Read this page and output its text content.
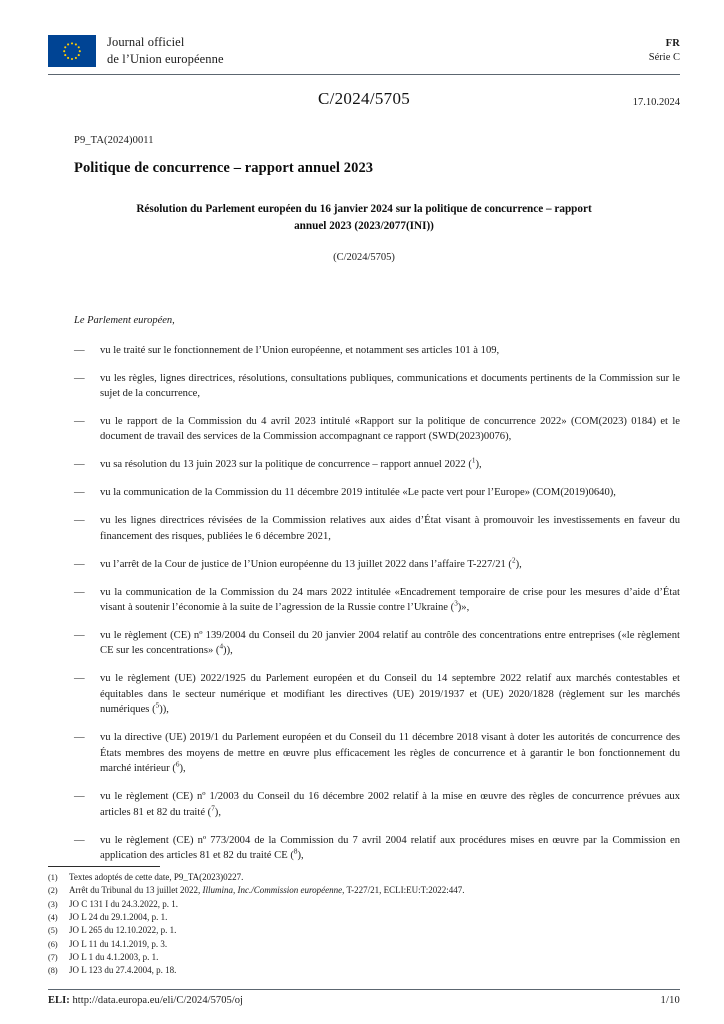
Journal officiel
de l’Union européenne
FR
Série C
C/2024/5705	17.10.2024
P9_TA(2024)0011
Politique de concurrence – rapport annuel 2023
Résolution du Parlement européen du 16 janvier 2024 sur la politique de concurrence – rapport
annuel 2023 (2023/2077(INI))
(C/2024/5705)
Le Parlement européen,
—	vu le traité sur le fonctionnement de l’Union européenne, et notamment ses articles 101 à 109,
—	vu les règles, lignes directrices, résolutions, consultations publiques, communications et documents pertinents de la Commission sur le sujet de la concurrence,
—	vu le rapport de la Commission du 4 avril 2023 intitulé «Rapport sur la politique de concurrence 2022» (COM(2023) 0184) et le document de travail des services de la Commission accompagnant ce rapport (SWD(2023)0076),
—	vu sa résolution du 13 juin 2023 sur la politique de concurrence – rapport annuel 2022 ($^1$),
—	vu la communication de la Commission du 11 décembre 2019 intitulée «Le pacte vert pour l’Europe» (COM(2019)0640),
—	vu les lignes directrices révisées de la Commission relatives aux aides d’État visant à promouvoir les investissements en faveur du financement des risques, publiées le 6 décembre 2021,
—	vu l’arrêt de la Cour de justice de l’Union européenne du 13 juillet 2022 dans l’affaire T-227/21 ($^2$),
—	vu la communication de la Commission du 24 mars 2022 intitulée «Encadrement temporaire de crise pour les mesures d’aide d’État visant à soutenir l’économie à la suite de l’agression de la Russie contre l’Ukraine ($^3$)»,
—	vu le règlement (CE) nº 139/2004 du Conseil du 20 janvier 2004 relatif au contrôle des concentrations entre entreprises («le règlement CE sur les concentrations» ($^4$)),
—	vu le règlement (UE) 2022/1925 du Parlement européen et du Conseil du 14 septembre 2022 relatif aux marchés contestables et équitables dans le secteur numérique et modifiant les directives (UE) 2019/1937 et (UE) 2020/1828 (règlement sur les marchés numériques ($^5$)),
—	vu la directive (UE) 2019/1 du Parlement européen et du Conseil du 11 décembre 2018 visant à doter les autorités de concurrence des États membres des moyens de mettre en œuvre plus efficacement les règles de concurrence et à garantir le bon fonctionnement du marché intérieur ($^6$),
—	vu le règlement (CE) nº 1/2003 du Conseil du 16 décembre 2002 relatif à la mise en œuvre des règles de concurrence prévues aux articles 81 et 82 du traité ($^7$),
—	vu le règlement (CE) nº 773/2004 de la Commission du 7 avril 2004 relatif aux procédures mises en œuvre par la Commission en application des articles 81 et 82 du traité CE ($^8$),
(1)	Textes adoptés de cette date, P9_TA(2023)0227.
(2)	Arrêt du Tribunal du 13 juillet 2022, Illumina, Inc./Commission européenne, T-227/21, ECLI:EU:T:2022:447.
(3)	JO C 131 I du 24.3.2022, p. 1.
(4)	JO L 24 du 29.1.2004, p. 1.
(5)	JO L 265 du 12.10.2022, p. 1.
(6)	JO L 11 du 14.1.2019, p. 3.
(7)	JO L 1 du 4.1.2003, p. 1.
(8)	JO L 123 du 27.4.2004, p. 18.
ELI: http://data.europa.eu/eli/C/2024/5705/oj	1/10
